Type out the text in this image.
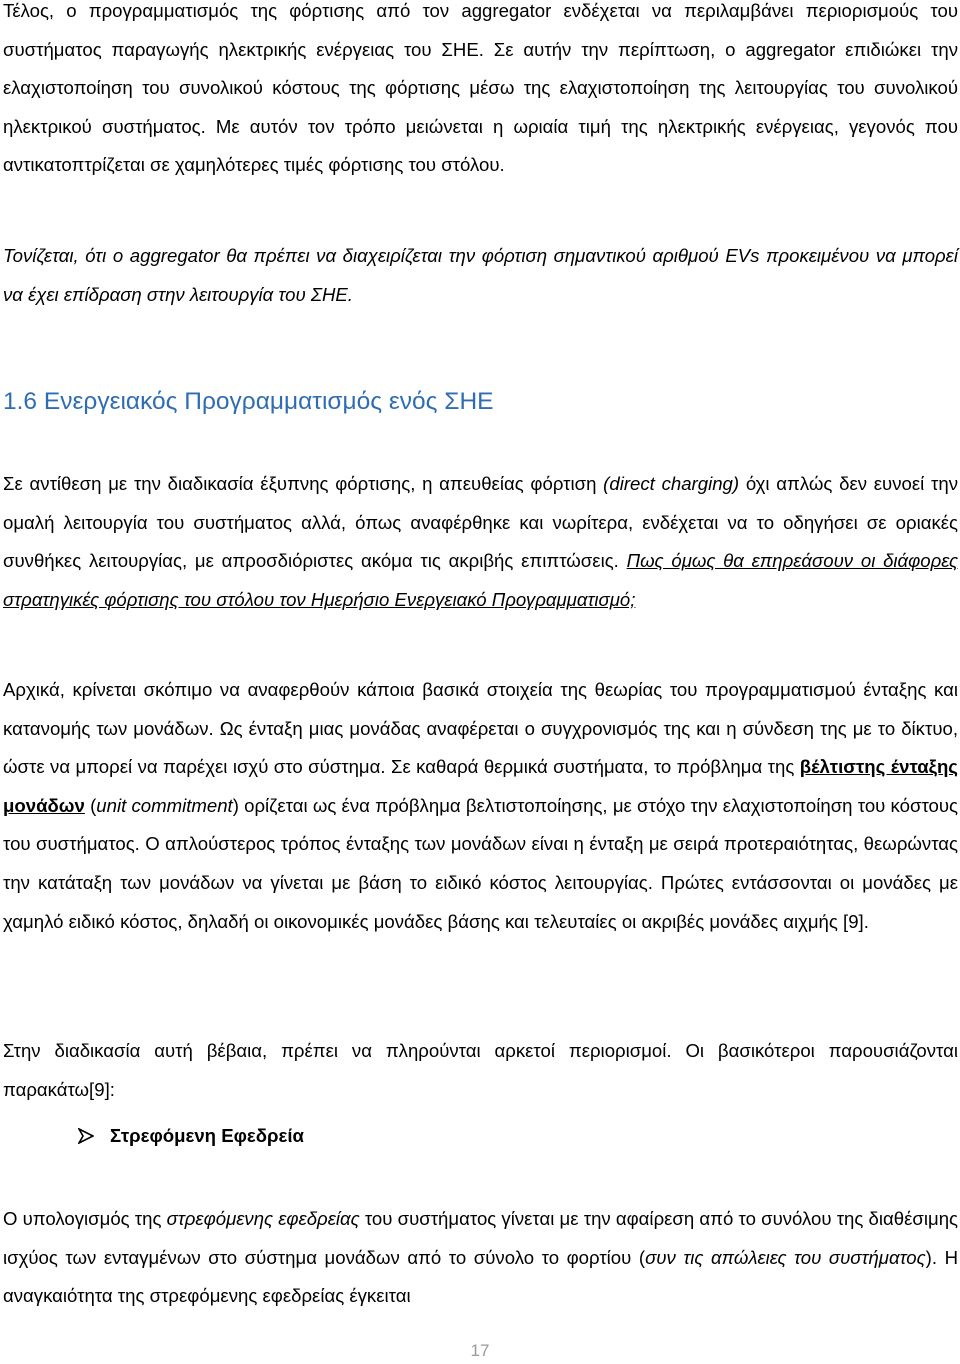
Τέλος, ο προγραμματισμός της φόρτισης από τον aggregator ενδέχεται να περιλαμβάνει περιορισμούς του συστήματος παραγωγής ηλεκτρικής ενέργειας του ΣΗΕ. Σε αυτήν την περίπτωση, ο aggregator επιδιώκει την ελαχιστοποίηση του συνολικού κόστους της φόρτισης μέσω της ελαχιστοποίηση της λειτουργίας του συνολικού ηλεκτρικού συστήματος. Με αυτόν τον τρόπο μειώνεται η ωριαία τιμή της ηλεκτρικής ενέργειας, γεγονός που αντικατοπτρίζεται σε χαμηλότερες τιμές φόρτισης του στόλου.

Τονίζεται, ότι ο aggregator θα πρέπει να διαχειρίζεται την φόρτιση σημαντικού αριθμού EVs προκειμένου να μπορεί να έχει επίδραση στην λειτουργία του ΣΗΕ.

1.6 Ενεργειακός Προγραμματισμός ενός ΣΗΕ

Σε αντίθεση με την διαδικασία έξυπνης φόρτισης, η απευθείας φόρτιση (direct charging) όχι απλώς δεν ευνοεί την ομαλή λειτουργία του συστήματος αλλά, όπως αναφέρθηκε και νωρίτερα, ενδέχεται να το οδηγήσει σε οριακές συνθήκες λειτουργίας, με απροσδιόριστες ακόμα τις ακριβής επιπτώσεις. Πως όμως θα επηρεάσουν οι διάφορες στρατηγικές φόρτισης του στόλου τον Ημερήσιο Ενεργειακό Προγραμματισμό;

Αρχικά, κρίνεται σκόπιμο να αναφερθούν κάποια βασικά στοιχεία της θεωρίας του προγραμματισμού ένταξης και κατανομής των μονάδων. Ως ένταξη μιας μονάδας αναφέρεται ο συγχρονισμός της και η σύνδεση της με το δίκτυο, ώστε να μπορεί να παρέχει ισχύ στο σύστημα. Σε καθαρά θερμικά συστήματα, το πρόβλημα της βέλτιστης ένταξης μονάδων (unit commitment) ορίζεται ως ένα πρόβλημα βελτιστοποίησης, με στόχο την ελαχιστοποίηση του κόστους του συστήματος. Ο απλούστερος τρόπος ένταξης των μονάδων είναι η ένταξη με σειρά προτεραιότητας, θεωρώντας την κατάταξη των μονάδων να γίνεται με βάση το ειδικό κόστος λειτουργίας. Πρώτες εντάσσονται οι μονάδες με χαμηλό ειδικό κόστος, δηλαδή οι οικονομικές μονάδες βάσης και τελευταίες οι ακριβές μονάδες αιχμής [9].

Στην διαδικασία αυτή βέβαια, πρέπει να πληρούνται αρκετοί περιορισμοί. Οι βασικότεροι παρουσιάζονται παρακάτω[9]:

Στρεφόμενη Εφεδρεία

Ο υπολογισμός της στρεφόμενης εφεδρείας του συστήματος γίνεται με την αφαίρεση από το συνόλου της διαθέσιμης ισχύος των ενταγμένων στο σύστημα μονάδων από το σύνολο το φορτίου (συν τις απώλειες του συστήματος). Η αναγκαιότητα της στρεφόμενης εφεδρείας έγκειται

17
